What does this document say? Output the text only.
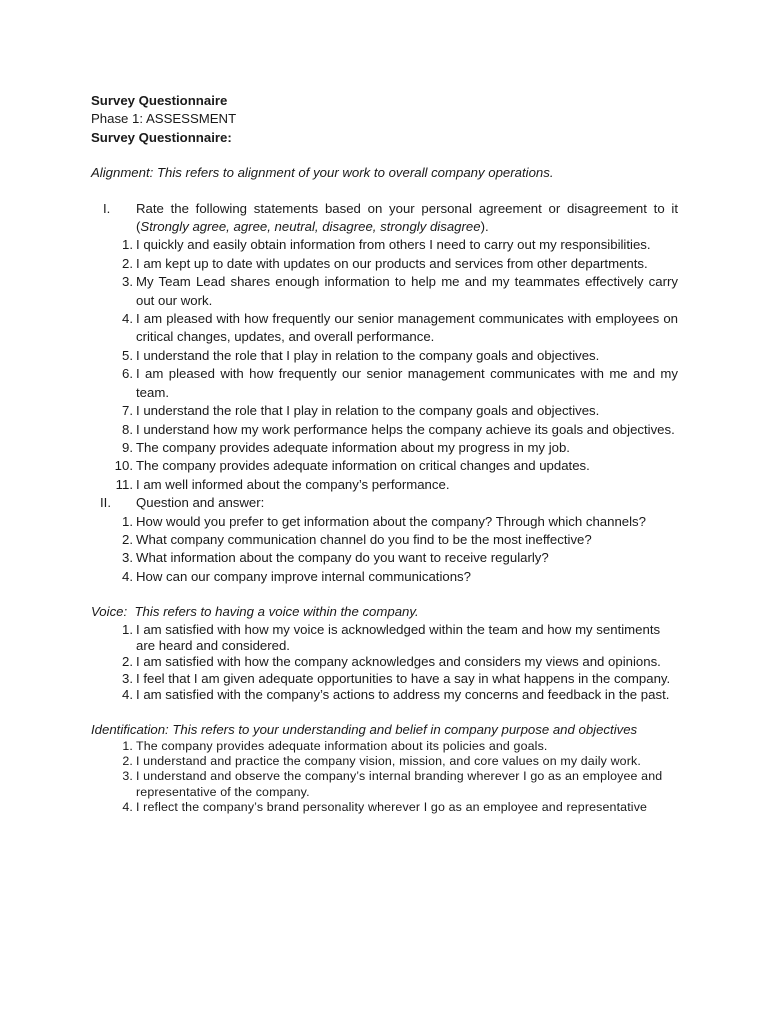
Survey Questionnaire

Phase 1: ASSESSMENT

Survey Questionnaire:

Alignment: This refers to alignment of your work to overall company operations.

I. Rate the following statements based on your personal agreement or disagreement to it (Strongly agree, agree, neutral, disagree, strongly disagree).
1. I quickly and easily obtain information from others I need to carry out my responsibilities.
2. I am kept up to date with updates on our products and services from other departments.
3. My Team Lead shares enough information to help me and my teammates effectively carry out our work.
4. I am pleased with how frequently our senior management communicates with employees on critical changes, updates, and overall performance.
5. I understand the role that I play in relation to the company goals and objectives.
6. I am pleased with how frequently our senior management communicates with me and my team.
7. I understand the role that I play in relation to the company goals and objectives.
8. I understand how my work performance helps the company achieve its goals and objectives.
9. The company provides adequate information about my progress in my job.
10. The company provides adequate information on critical changes and updates.
11. I am well informed about the company’s performance.
II. Question and answer:
1. How would you prefer to get information about the company? Through which channels?
2. What company communication channel do you find to be the most ineffective?
3. What information about the company do you want to receive regularly?
4. How can our company improve internal communications?

Voice: This refers to having a voice within the company.

1. I am satisfied with how my voice is acknowledged within the team and how my sentiments are heard and considered.
2. I am satisfied with how the company acknowledges and considers my views and opinions.
3. I feel that I am given adequate opportunities to have a say in what happens in the company.
4. I am satisfied with the company’s actions to address my concerns and feedback in the past.

Identification: This refers to your understanding and belief in company purpose and objectives

1. The company provides adequate information about its policies and goals.
2. I understand and practice the company vision, mission, and core values on my daily work.
3. I understand and observe the company’s internal branding wherever I go as an employee and representative of the company.
4. I reflect the company’s brand personality wherever I go as an employee and representative
